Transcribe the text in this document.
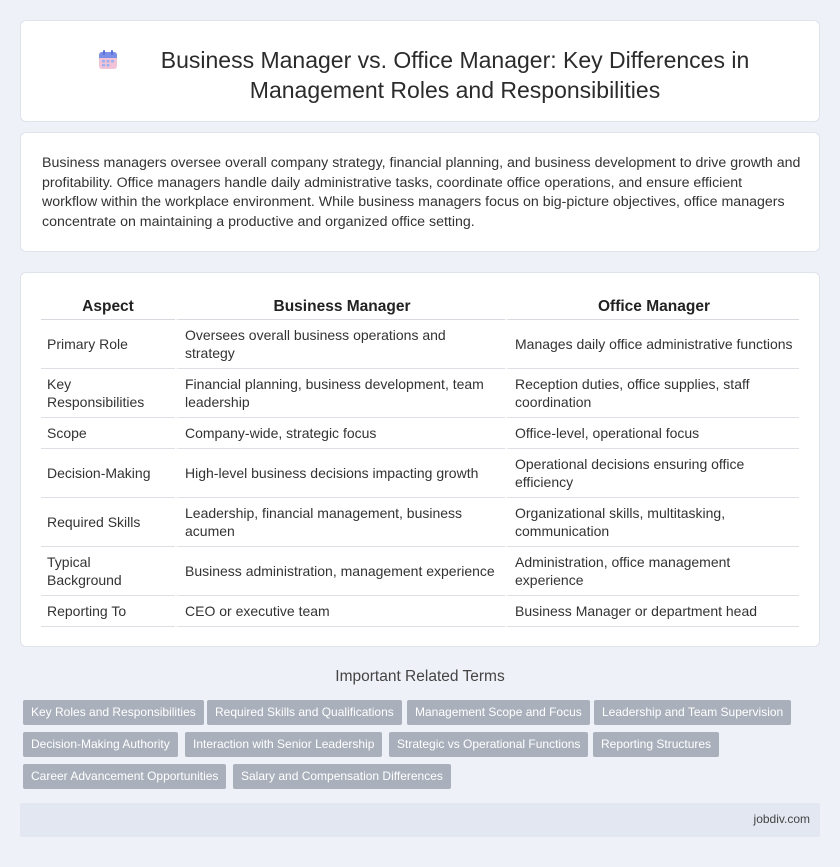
Business Manager vs. Office Manager: Key Differences in Management Roles and Responsibilities

Business managers oversee overall company strategy, financial planning, and business development to drive growth and profitability. Office managers handle daily administrative tasks, coordinate office operations, and ensure efficient workflow within the workplace environment. While business managers focus on big-picture objectives, office managers concentrate on maintaining a productive and organized office setting.

Aspect	Business Manager	Office Manager
Primary Role	Oversees overall business operations and strategy	Manages daily office administrative functions
Key Responsibilities	Financial planning, business development, team leadership	Reception duties, office supplies, staff coordination
Scope	Company-wide, strategic focus	Office-level, operational focus
Decision-Making	High-level business decisions impacting growth	Operational decisions ensuring office efficiency
Required Skills	Leadership, financial management, business acumen	Organizational skills, multitasking, communication
Typical Background	Business administration, management experience	Administration, office management experience
Reporting To	CEO or executive team	Business Manager or department head
Important Related Terms
Key Roles and Responsibilities	Required Skills and Qualifications	Management Scope and Focus	Leadership and Team Supervision
Decision-Making Authority	Interaction with Senior Leadership	Strategic vs Operational Functions	Reporting Structures
Career Advancement Opportunities	Salary and Compensation Differences
jobdiv.com
